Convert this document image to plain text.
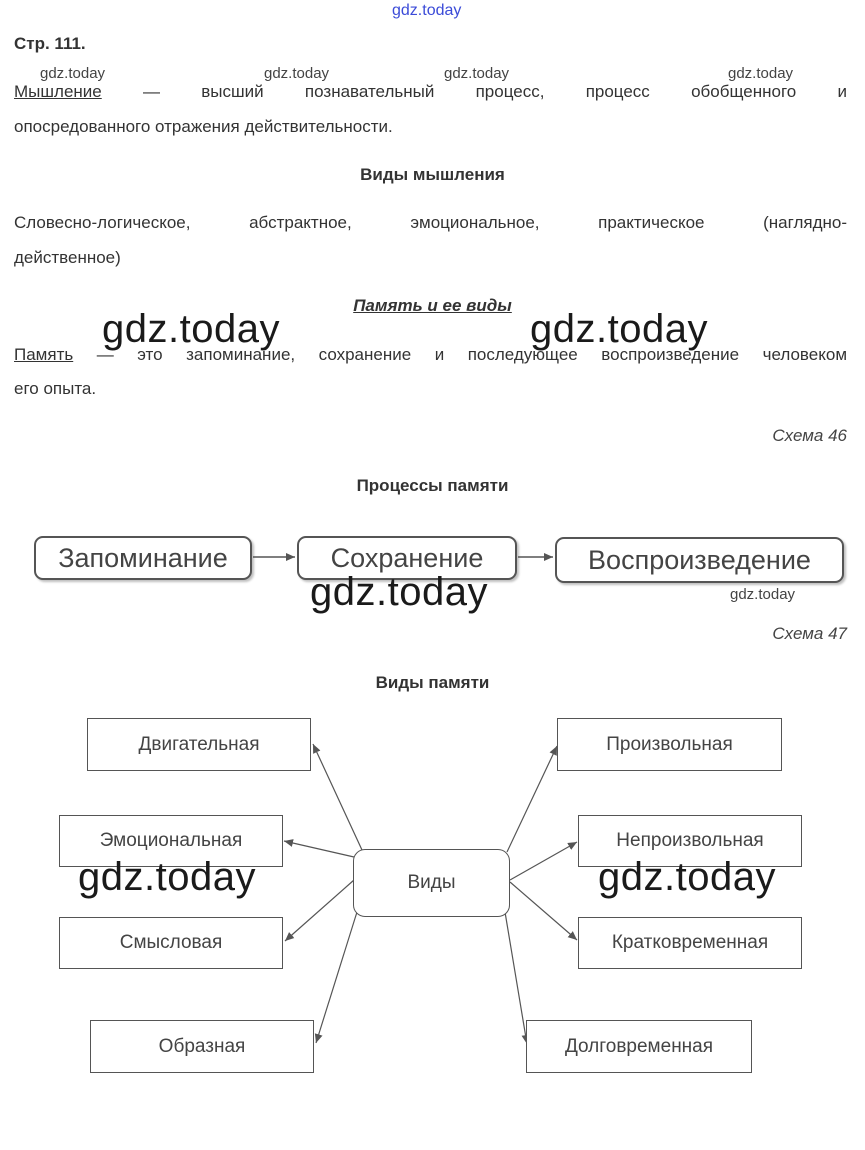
gdz.today
Стр. 111.
gdz.today	gdz.today	gdz.today	gdz.today

Мышление — высший познавательный процесс, процесс обобщенного и

опосредованного отражения действительности.

Виды мышления

Словесно-логическое, абстрактное, эмоциональное, практическое (наглядно-

действенное)

Память и ее виды
gdz.today	gdz.today

Память — это запоминание, сохранение и последующее воспроизведение человеком

его опыта.

Схема 46
Процессы памяти
Запоминание	Сохранение	Воспроизведение
gdz.today	gdz.today
Схема 47
Виды памяти
Двигательная
Эмоциональная
Смысловая
Образная
Виды
Произвольная
Непроизвольная
Кратковременная
Долговременная
gdz.today	gdz.today
